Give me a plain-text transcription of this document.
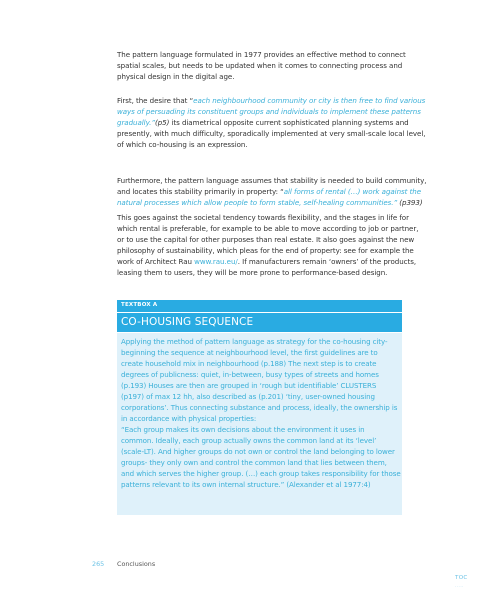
The pattern language formulated in 1977 provides an effective method to connect
spatial scales, but needs to be updated when it comes to connecting process and
physical design in the digital age.
First, the desire that “each neighbourhood community or city is then free to find various
ways of persuading its constituent groups and individuals to implement these patterns
gradually.”(p5) its diametrical opposite current sophisticated planning systems and
presently, with much difficulty, sporadically implemented at very small-scale local level,
of which co-housing is an expression.
Furthermore, the pattern language assumes that stability is needed to build community,
and locates this stability primarily in property: “all forms of rental (…) work against the
natural processes which allow people to form stable, self-healing communities.” (p393)
This goes against the societal tendency towards flexibility, and the stages in life for
which rental is preferable, for example to be able to move according to job or partner,
or to use the capital for other purposes than real estate. It also goes against the new
philosophy of sustainability, which pleas for the end of property: see for example the
work of Architect Rau www.rau.eu/. If manufacturers remain ‘owners’ of the products,
leasing them to users, they will be more prone to performance-based design.
TEXTBOX A
CO-HOUSING SEQUENCE

Applying the method of pattern language as strategy for the co-housing city-
beginning the sequence at neighbourhood level, the first guidelines are to
create household mix in neighbourhood (p.188) The next step is to create
degrees of publicness: quiet, in-between, busy types of streets and homes
(p.193) Houses are then are grouped in ‘rough but identifiable’ CLUSTERS
(p197) of max 12 hh, also described as (p.201) ‘tiny, user-owned housing
corporations’. Thus connecting substance and process, ideally, the ownership is
in accordance with physical properties:
“Each group makes its own decisions about the environment it uses in
common. Ideally, each group actually owns the common land at its ‘level’
(scale-LT). And higher groups do not own or control the land belonging to lower
groups- they only own and control the common land that lies between them,
and which serves the higher group. (…) each group takes responsibility for those
patterns relevant to its own internal structure.” (Alexander et al 1977:4)

265 Conclusions
TOC
·····
